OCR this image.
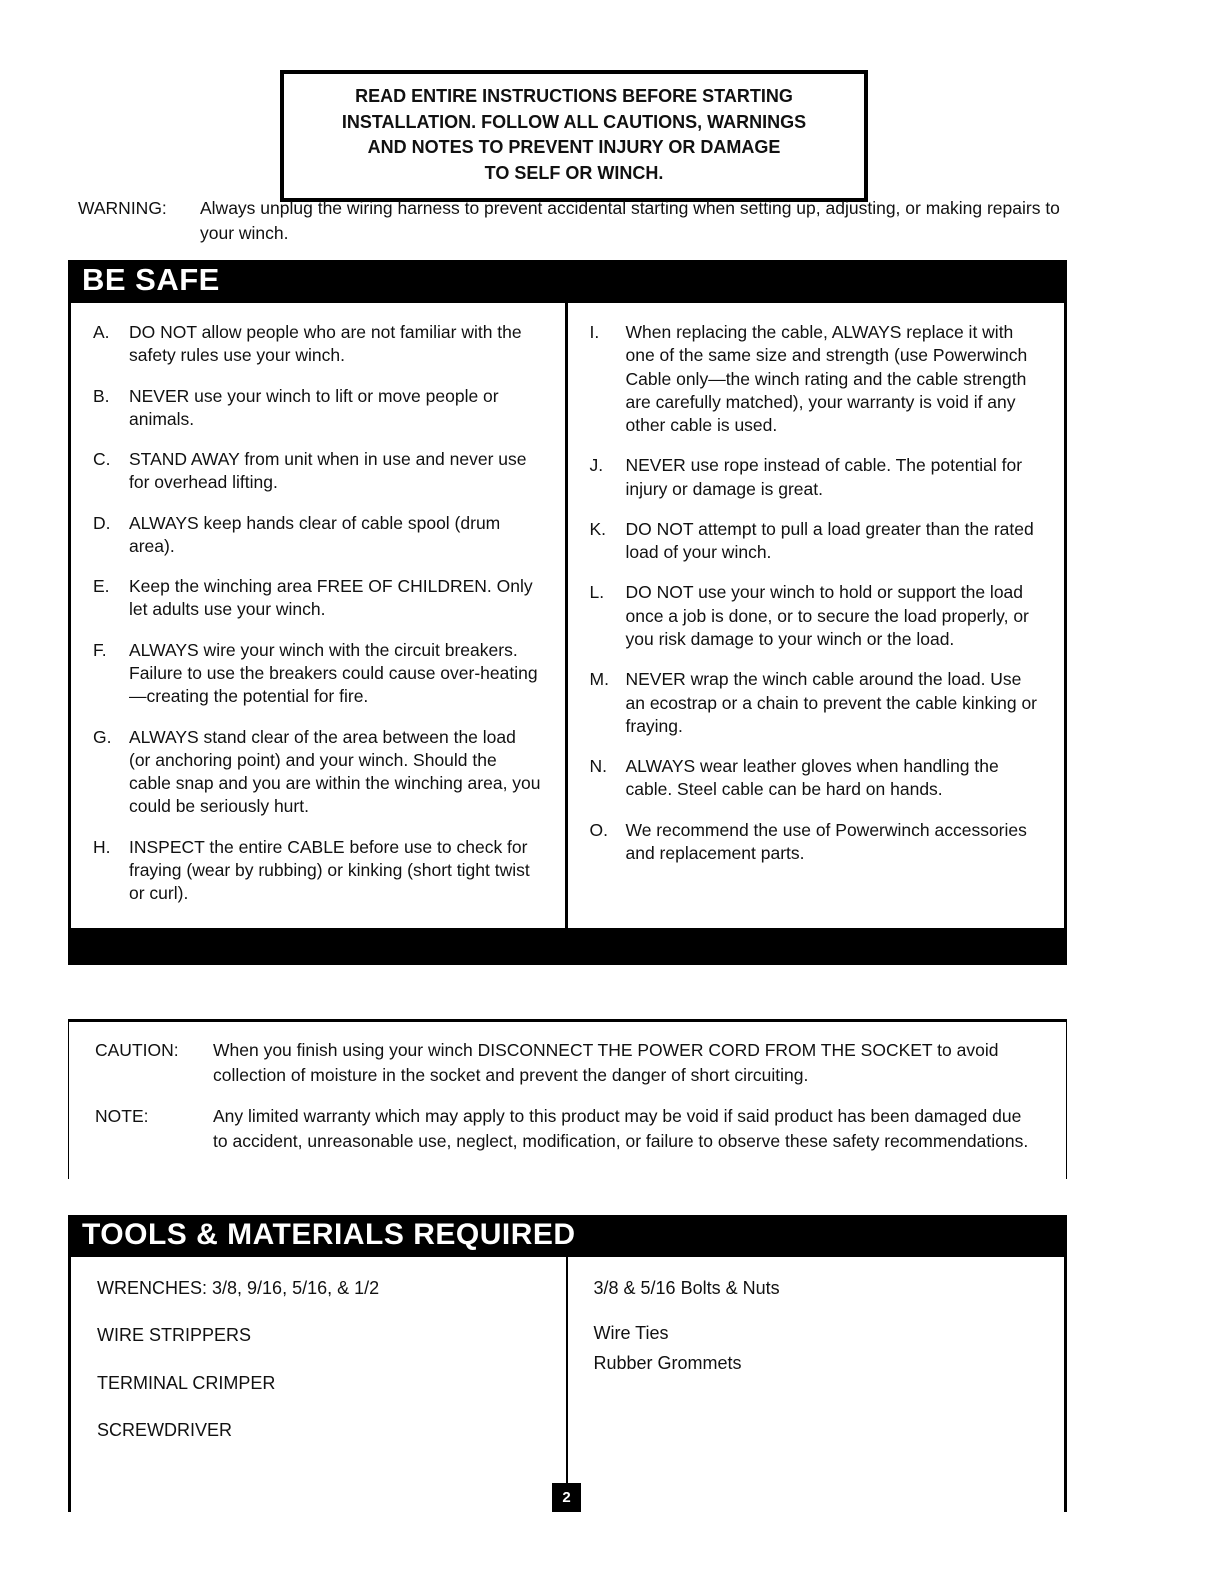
READ ENTIRE INSTRUCTIONS BEFORE STARTING
INSTALLATION. FOLLOW ALL CAUTIONS, WARNINGS
AND NOTES TO PREVENT INJURY OR DAMAGE
TO SELF OR WINCH.
WARNING:	Always unplug the wiring harness to prevent accidental starting when setting up, adjusting, or making repairs to your winch.
BE SAFE
A.	DO NOT allow people who are not familiar with the safety rules use your winch.
B.	NEVER use your winch to lift or move people or animals.
C.	STAND AWAY from unit when in use and never use for overhead lifting.
D.	ALWAYS keep hands clear of cable spool (drum area).
E.	Keep the winching area FREE OF CHILDREN. Only let adults use your winch.
F.	ALWAYS wire your winch with the circuit breakers. Failure to use the breakers could cause over-heating—creating the potential for fire.
G.	ALWAYS stand clear of the area between the load (or anchoring point) and your winch. Should the cable snap and you are within the winching area, you could be seriously hurt.
H.	INSPECT the entire CABLE before use to check for fraying (wear by rubbing) or kinking (short tight twist or curl).
I.	When replacing the cable, ALWAYS replace it with one of the same size and strength (use Powerwinch Cable only—the winch rating and the cable strength are carefully matched), your warranty is void if any other cable is used.
J.	NEVER use rope instead of cable. The potential for injury or damage is great.
K.	DO NOT attempt to pull a load greater than the rated load of your winch.
L.	DO NOT use your winch to hold or support the load once a job is done, or to secure the load properly, or you risk damage to your winch or the load.
M. NEVER wrap the winch cable around the load. Use an ecostrap or a chain to prevent the cable kinking or fraying.
N.	ALWAYS wear leather gloves when handling the cable. Steel cable can be hard on hands.
O.	We recommend the use of Powerwinch accessories and replacement parts.
CAUTION:	When you finish using your winch DISCONNECT THE POWER CORD FROM THE SOCKET to avoid collection of moisture in the socket and prevent the danger of short circuiting.
NOTE:	Any limited warranty which may apply to this product may be void if said product has been damaged due to accident, unreasonable use, neglect, modification, or failure to observe these safety recommendations.
TOOLS & MATERIALS REQUIRED
WRENCHES: 3/8, 9/16, 5/16, & 1/2
WIRE STRIPPERS
TERMINAL CRIMPER
SCREWDRIVER
3/8 & 5/16 Bolts & Nuts
Wire Ties
Rubber Grommets
2
